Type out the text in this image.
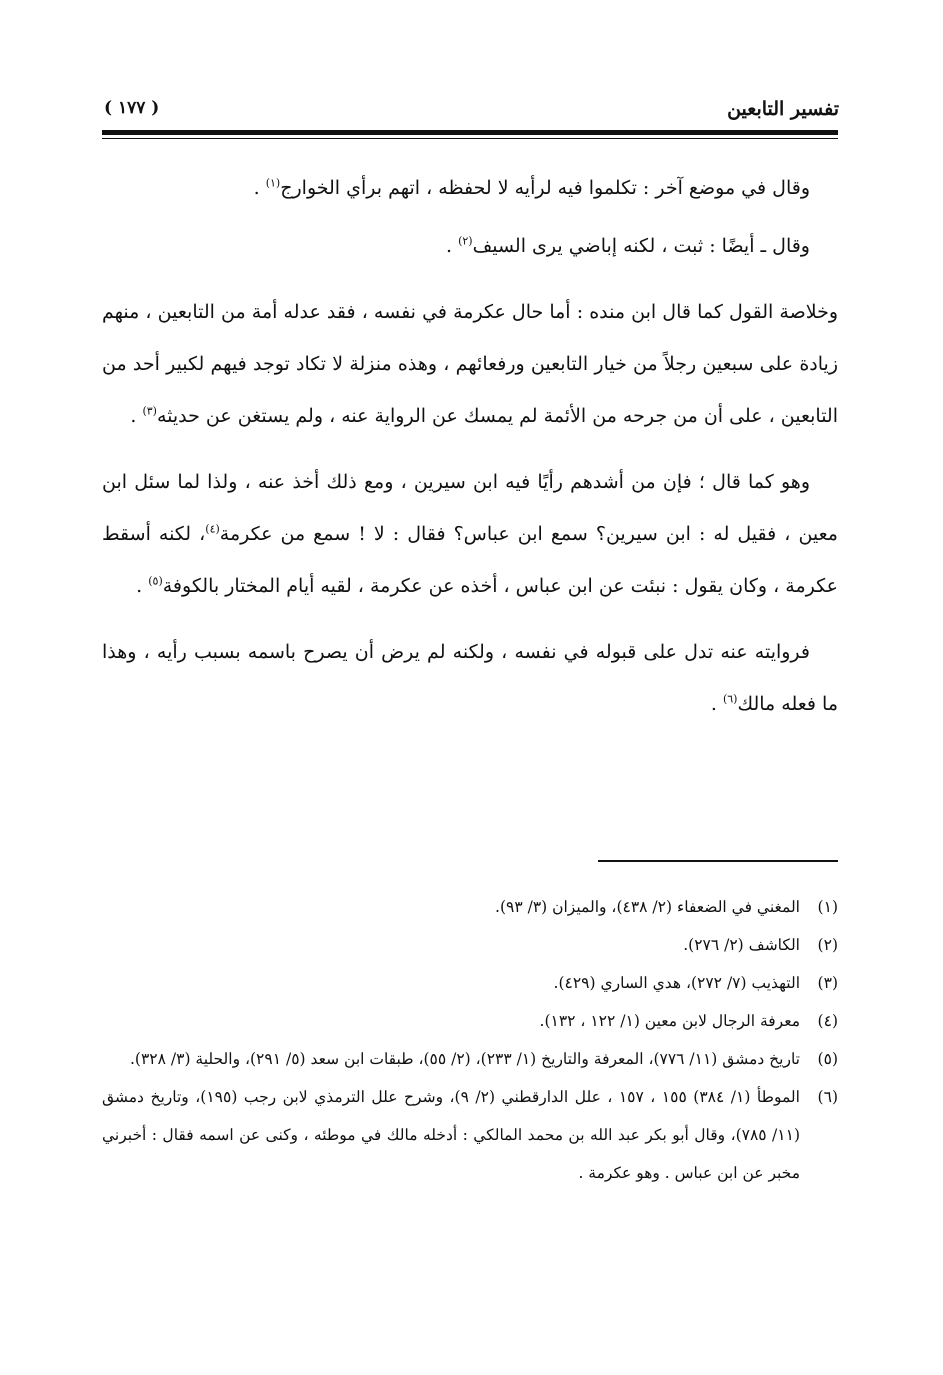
تفسير التابعين
( ١٧٧ )

وقال في موضع آخر : تكلموا فيه لرأيه لا لحفظه ، اتهم برأي الخوارج$^{(١)}$ .

وقال ـ أيضًا : ثبت ، لكنه إباضي يرى السيف$^{(٢)}$ .

وخلاصة القول كما قال ابن منده : أما حال عكرمة في نفسه ، فقد عدله أمة من التابعين ، منهم زيادة على سبعين رجلاً من خيار التابعين ورفعائهم ، وهذه منزلة لا تكاد توجد فيهم لكبير أحد من التابعين ، على أن من جرحه من الأئمة لم يمسك عن الرواية عنه ، ولم يستغن عن حديثه$^{(٣)}$ .

وهو كما قال ؛ فإن من أشدهم رأيًا فيه ابن سيرين ، ومع ذلك أخذ عنه ، ولذا لما سئل ابن معين ، فقيل له : ابن سيرين؟ سمع ابن عباس؟ فقال : لا ! سمع من عكرمة$^{(٤)}$، لكنه أسقط عكرمة ، وكان يقول : نبئت عن ابن عباس ، أخذه عن عكرمة ، لقيه أيام المختار بالكوفة$^{(٥)}$ .

فروايته عنه تدل على قبوله في نفسه ، ولكنه لم يرض أن يصرح باسمه بسبب رأيه ، وهذا ما فعله مالك$^{(٦)}$ .

(١)
المغني في الضعفاء (٢/ ٤٣٨)، والميزان (٣/ ٩٣).
(٢)
الكاشف (٢/ ٢٧٦).
(٣)
التهذيب (٧/ ٢٧٢)، هدي الساري (٤٢٩).
(٤)
معرفة الرجال لابن معين (١/ ١٢٢ ، ١٣٢).
(٥)
تاريخ دمشق (١١/ ٧٧٦)، المعرفة والتاريخ (١/ ٢٣٣)، (٢/ ٥٥)، طبقات ابن سعد (٥/ ٢٩١)، والحلية (٣/ ٣٢٨).
(٦)
الموطأ (١/ ٣٨٤) ١٥٥ ، ١٥٧ ، علل الدارقطني (٢/ ٩)، وشرح علل الترمذي لابن رجب (١٩٥)، وتاريخ دمشق (١١/ ٧٨٥)، وقال أبو بكر عبد الله بن محمد المالكي : أدخله مالك في موطئه ، وكنى عن اسمه فقال : أخبرني مخبر عن ابن عباس . وهو عكرمة .
